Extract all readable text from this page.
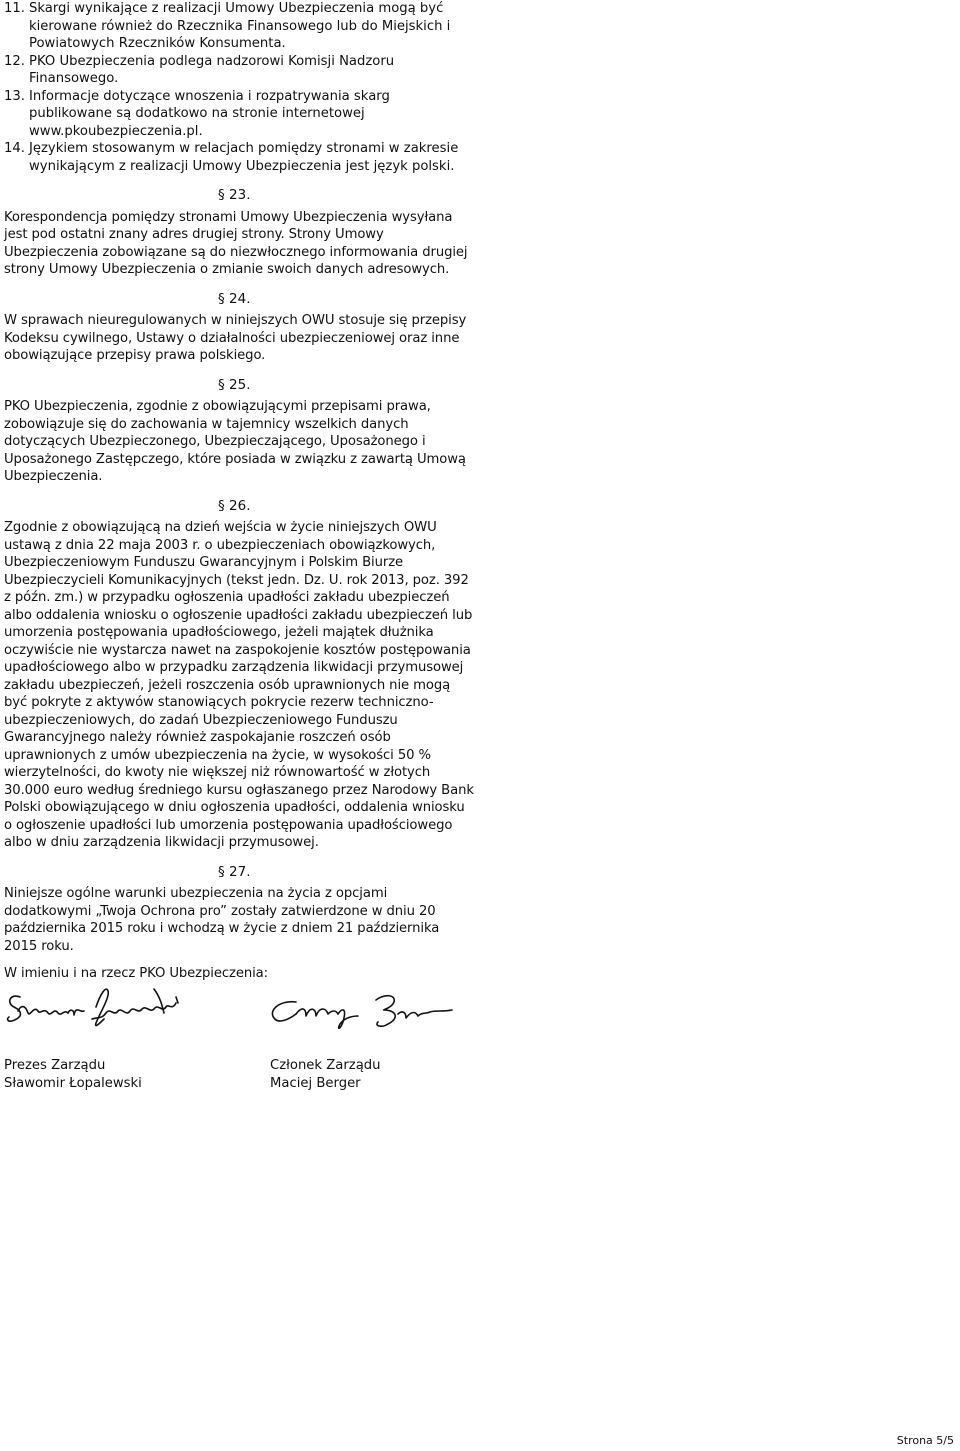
11. Skargi wynikające z realizacji Umowy Ubezpieczenia mogą być kierowane również do Rzecznika Finansowego lub do Miejskich i Powiatowych Rzeczników Konsumenta.
12. PKO Ubezpieczenia podlega nadzorowi Komisji Nadzoru Finansowego.
13. Informacje dotyczące wnoszenia i rozpatrywania skarg publikowane są dodatkowo na stronie internetowej www.pkoubezpieczenia.pl.
14. Językiem stosowanym w relacjach pomiędzy stronami w zakresie wynikającym z realizacji Umowy Ubezpieczenia jest język polski.
§ 23.

Korespondencja pomiędzy stronami Umowy Ubezpieczenia wysyłana jest pod ostatni znany adres drugiej strony. Strony Umowy Ubezpieczenia zobowiązane są do niezwłocznego informowania drugiej strony Umowy Ubezpieczenia o zmianie swoich danych adresowych.

§ 24.

W sprawach nieuregulowanych w niniejszych OWU stosuje się przepisy Kodeksu cywilnego, Ustawy o działalności ubezpieczeniowej oraz inne obowiązujące przepisy prawa polskiego.

§ 25.

PKO Ubezpieczenia, zgodnie z obowiązującymi przepisami prawa, zobowiązuje się do zachowania w tajemnicy wszelkich danych dotyczących Ubezpieczonego, Ubezpieczającego, Uposażonego i Uposażonego Zastępczego, które posiada w związku z zawartą Umową Ubezpieczenia.

§ 26.

Zgodnie z obowiązującą na dzień wejścia w życie niniejszych OWU ustawą z dnia 22 maja 2003 r. o ubezpieczeniach obowiązkowych, Ubezpieczeniowym Funduszu Gwarancyjnym i Polskim Biurze Ubezpieczycieli Komunikacyjnych (tekst jedn. Dz. U. rok 2013, poz. 392 z późn. zm.) w przypadku ogłoszenia upadłości zakładu ubezpieczeń albo oddalenia wniosku o ogłoszenie upadłości zakładu ubezpieczeń lub umorzenia postępowania upadłościowego, jeżeli majątek dłużnika oczywiście nie wystarcza nawet na zaspokojenie kosztów postępowania upadłościowego albo w przypadku zarządzenia likwidacji przymusowej zakładu ubezpieczeń, jeżeli roszczenia osób uprawnionych nie mogą być pokryte z aktywów stanowiących pokrycie rezerw techniczno-ubezpieczeniowych, do zadań Ubezpieczeniowego Funduszu Gwarancyjnego należy również zaspokajanie roszczeń osób uprawnionych z umów ubezpieczenia na życie, w wysokości 50 % wierzytelności, do kwoty nie większej niż równowartość w złotych 30.000 euro według średniego kursu ogłaszanego przez Narodowy Bank Polski obowiązującego w dniu ogłoszenia upadłości, oddalenia wniosku o ogłoszenie upadłości lub umorzenia postępowania upadłościowego albo w dniu zarządzenia likwidacji przymusowej.

§ 27.

Niniejsze ogólne warunki ubezpieczenia na życia z opcjami dodatkowymi „Twoja Ochrona pro” zostały zatwierdzone w dniu 20 października 2015 roku i wchodzą w życie z dniem 21 października 2015 roku.

W imieniu i na rzecz PKO Ubezpieczenia:

Prezes Zarządu
Sławomir Łopalewski
Członek Zarządu
Maciej Berger
Strona 5/5
